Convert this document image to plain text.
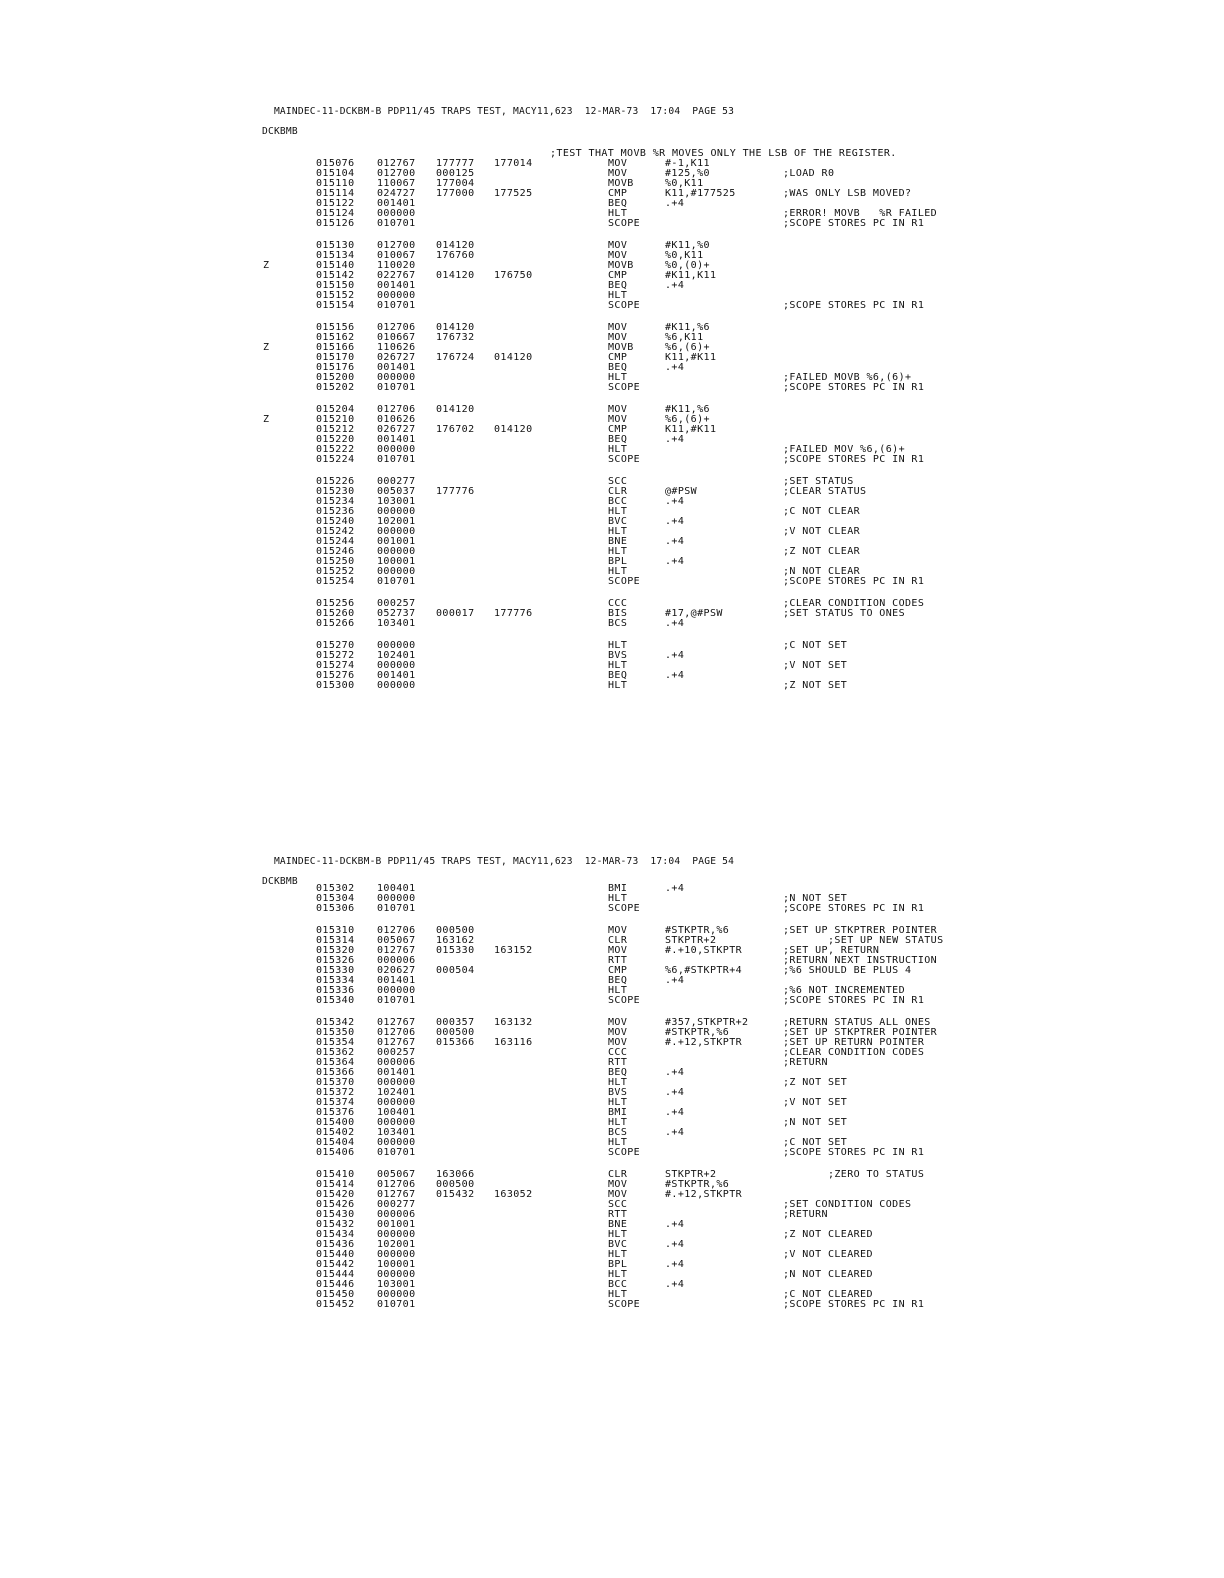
MAINDEC-11-DCKBM-B PDP11/45 TRAPS TEST, MACY11,623  12-MAR-73  17:04  PAGE 53

DCKBMB

;TEST THAT MOVB %R MOVES ONLY THE LSB OF THE REGISTER.

015076 012767 177777 177014	MOV	#-1,K11
015104 012700 000125	MOV	#125,%0	;LOAD R0
015110 110067 177004	MOVB	%0,K11
015114 024727 177000 177525	CMP	K11,#177525	;WAS ONLY LSB MOVED?
015122 001401	BEQ	.+4
015124 000000	HLT	;ERROR! MOVB   %R FAILED
015126 010701	SCOPE	;SCOPE STORES PC IN R1
015130 012700 014120	MOV	#K11,%0
015134 010067 176760	MOV	%0,K11
Z	015140 110020	MOVB	%0,(0)+
015142 022767 014120 176750	CMP	#K11,K11
015150 001401	BEQ	.+4
015152 000000	HLT
015154 010701	SCOPE	;SCOPE STORES PC IN R1
015156 012706 014120	MOV	#K11,%6
015162 010667 176732	MOV	%6,K11
Z	015166 110626	MOVB	%6,(6)+
015170 026727 176724 014120	CMP	K11,#K11
015176 001401	BEQ	.+4
015200 000000	HLT	;FAILED MOVB %6,(6)+
015202 010701	SCOPE	;SCOPE STORES PC IN R1
015204 012706 014120	MOV	#K11,%6
Z	015210 010626	MOV	%6,(6)+
015212 026727 176702 014120	CMP	K11,#K11
015220 001401	BEQ	.+4
015222 000000	HLT	;FAILED MOV %6,(6)+
015224 010701	SCOPE	;SCOPE STORES PC IN R1
015226 000277	SCC	;SET STATUS
015230 005037 177776	CLR	@#PSW	;CLEAR STATUS
015234 103001	BCC	.+4
015236 000000	HLT	;C NOT CLEAR
015240 102001	BVC	.+4
015242 000000	HLT	;V NOT CLEAR
015244 001001	BNE	.+4
015246 000000	HLT	;Z NOT CLEAR
015250 100001	BPL	.+4
015252 000000	HLT	;N NOT CLEAR
015254 010701	SCOPE	;SCOPE STORES PC IN R1
015256 000257	CCC	;CLEAR CONDITION CODES
015260 052737 000017 177776	BIS	#17,@#PSW	;SET STATUS TO ONES
015266 103401	BCS	.+4
015270 000000	HLT	;C NOT SET
015272 102401	BVS	.+4
015274 000000	HLT	;V NOT SET
015276 001401	BEQ	.+4
015300 000000	HLT	;Z NOT SET

MAINDEC-11-DCKBM-B PDP11/45 TRAPS TEST, MACY11,623  12-MAR-73  17:04  PAGE 54

DCKBMB

015302 100401	BMI	.+4
015304 000000	HLT	;N NOT SET
015306 010701	SCOPE	;SCOPE STORES PC IN R1
015310 012706 000500	MOV	#STKPTR,%6	;SET UP STKPTRER POINTER
015314 005067 163162	CLR	STKPTR+2	;SET UP NEW STATUS
015320 012767 015330 163152	MOV	#.+10,STKPTR	;SET UP, RETURN
015326 000006	RTT	;RETURN NEXT INSTRUCTION
015330 020627 000504	CMP	%6,#STKPTR+4	;%6 SHOULD BE PLUS 4
015334 001401	BEQ	.+4
015336 000000	HLT	;%6 NOT INCREMENTED
015340 010701	SCOPE	;SCOPE STORES PC IN R1
015342 012767 000357 163132	MOV	#357,STKPTR+2	;RETURN STATUS ALL ONES
015350 012706 000500	MOV	#STKPTR,%6	;SET UP STKPTRER POINTER
015354 012767 015366 163116	MOV	#.+12,STKPTR	;SET UP RETURN POINTER
015362 000257	CCC	;CLEAR CONDITION CODES
015364 000006	RTT	;RETURN
015366 001401	BEQ	.+4
015370 000000	HLT	;Z NOT SET
015372 102401	BVS	.+4
015374 000000	HLT	;V NOT SET
015376 100401	BMI	.+4
015400 000000	HLT	;N NOT SET
015402 103401	BCS	.+4
015404 000000	HLT	;C NOT SET
015406 010701	SCOPE	;SCOPE STORES PC IN R1
015410 005067 163066	CLR	STKPTR+2	;ZERO TO STATUS
015414 012706 000500	MOV	#STKPTR,%6
015420 012767 015432 163052	MOV	#.+12,STKPTR
015426 000277	SCC	;SET CONDITION CODES
015430 000006	RTT	;RETURN
015432 001001	BNE	.+4
015434 000000	HLT	;Z NOT CLEARED
015436 102001	BVC	.+4
015440 000000	HLT	;V NOT CLEARED
015442 100001	BPL	.+4
015444 000000	HLT	;N NOT CLEARED
015446 103001	BCC	.+4
015450 000000	HLT	;C NOT CLEARED
015452 010701	SCOPE	;SCOPE STORES PC IN R1
